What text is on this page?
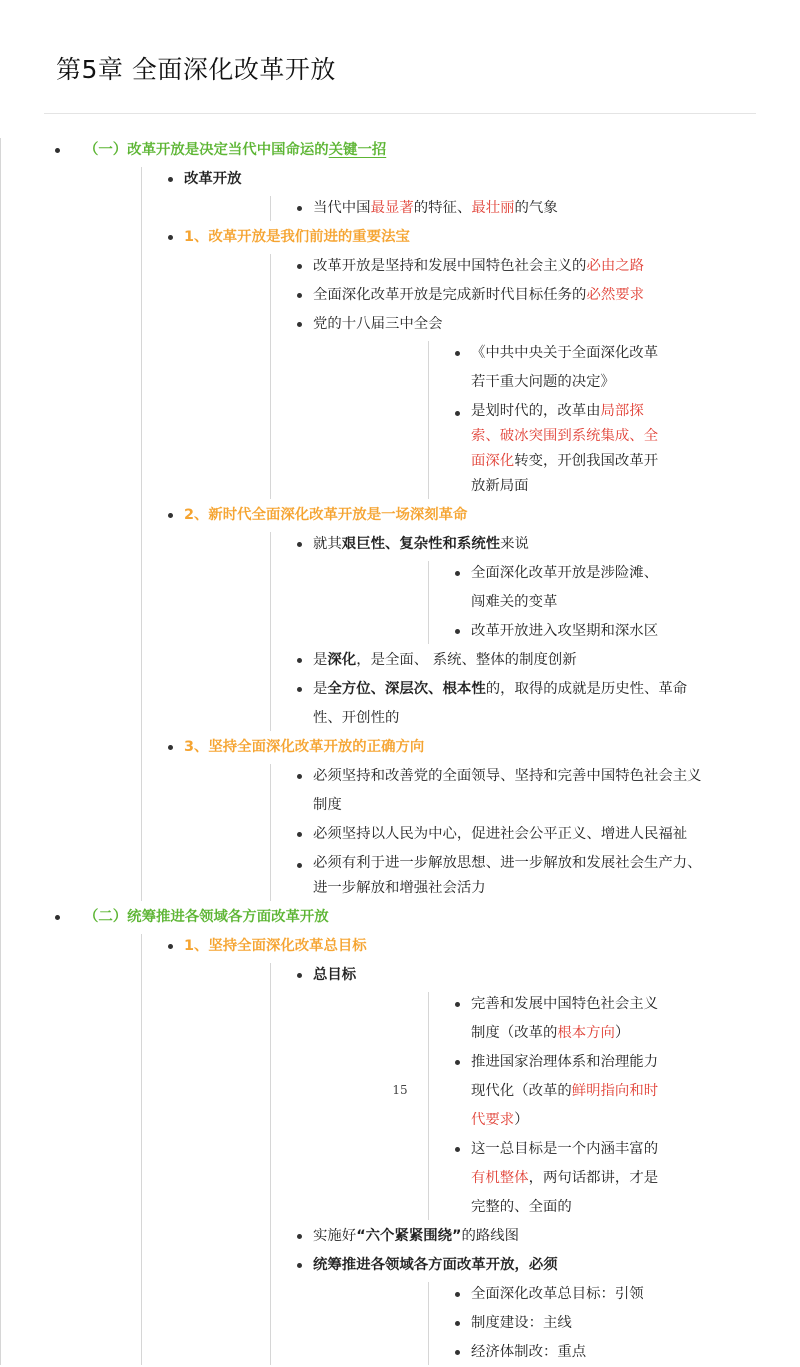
第5章 全面深化改革开放
（一）改革开放是决定当代中国命运的关键一招
改革开放
当代中国最显著的特征、最壮丽的气象
1、改革开放是我们前进的重要法宝
改革开放是坚持和发展中国特色社会主义的必由之路
全面深化改革开放是完成新时代目标任务的必然要求
党的十八届三中全会
《中共中央关于全面深化改革若干重大问题的决定》
是划时代的，改革由局部探索、破冰突围到系统集成、全面深化转变，开创我国改革开放新局面
2、新时代全面深化改革开放是一场深刻革命
就其艰巨性、复杂性和系统性来说
全面深化改革开放是涉险滩、闯难关的变革
改革开放进入攻坚期和深水区
是深化，是全面、 系统、整体的制度创新
是全方位、深层次、根本性的，取得的成就是历史性、革命性、开创性的
3、坚持全面深化改革开放的正确方向
必须坚持和改善党的全面领导、坚持和完善中国特色社会主义制度
必须坚持以人民为中心，促进社会公平正义、增进人民福祉
必须有利于进一步解放思想、进一步解放和发展社会生产力、进一步解放和增强社会活力
（二）统筹推进各领域各方面改革开放
1、坚持全面深化改革总目标
总目标
完善和发展中国特色社会主义制度（改革的根本方向）
推进国家治理体系和治理能力现代化（改革的鲜明指向和时代要求）
这一总目标是一个内涵丰富的有机整体，两句话都讲，才是完整的、全面的
实施好“六个紧紧围绕”的路线图
统筹推进各领域各方面改革开放，必须
全面深化改革总目标：引领
制度建设：主线
经济体制改：重点
15
